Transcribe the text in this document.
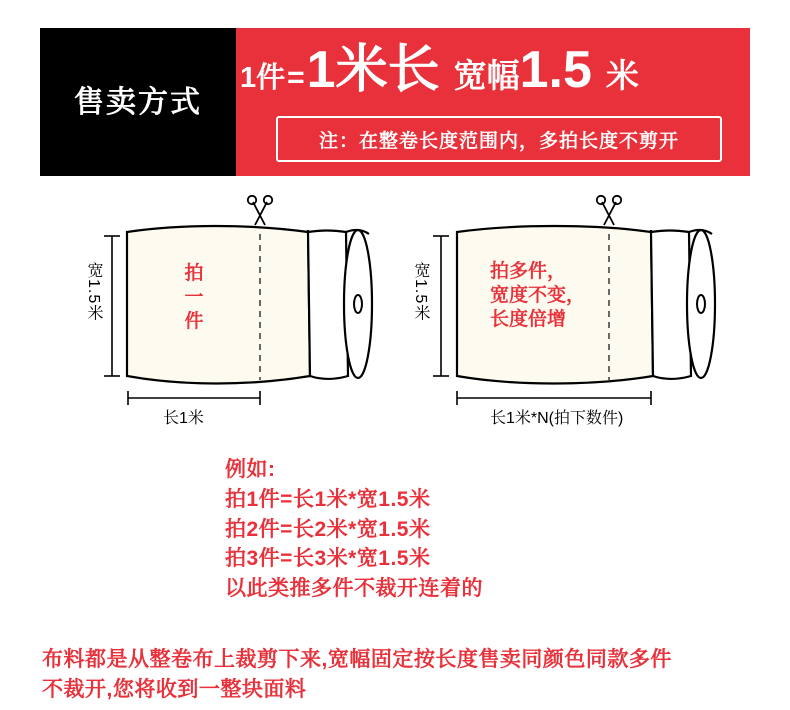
售卖方式
1件 = 1米长 宽幅 1.5 米
注：在整卷长度范围内，多拍长度不剪开
拍
一
件
宽1.5米
长1米
拍多件，
宽度不变，
长度倍增
宽1.5米
长1米*N(拍下数件)
例如:
拍1件=长1米*宽1.5米
拍2件=长2米*宽1.5米
拍3件=长3米*宽1.5米
以此类推多件不裁开连着的
布料都是从整卷布上裁剪下来,宽幅固定按长度售卖同颜色同款多件
不裁开,您将收到一整块面料
